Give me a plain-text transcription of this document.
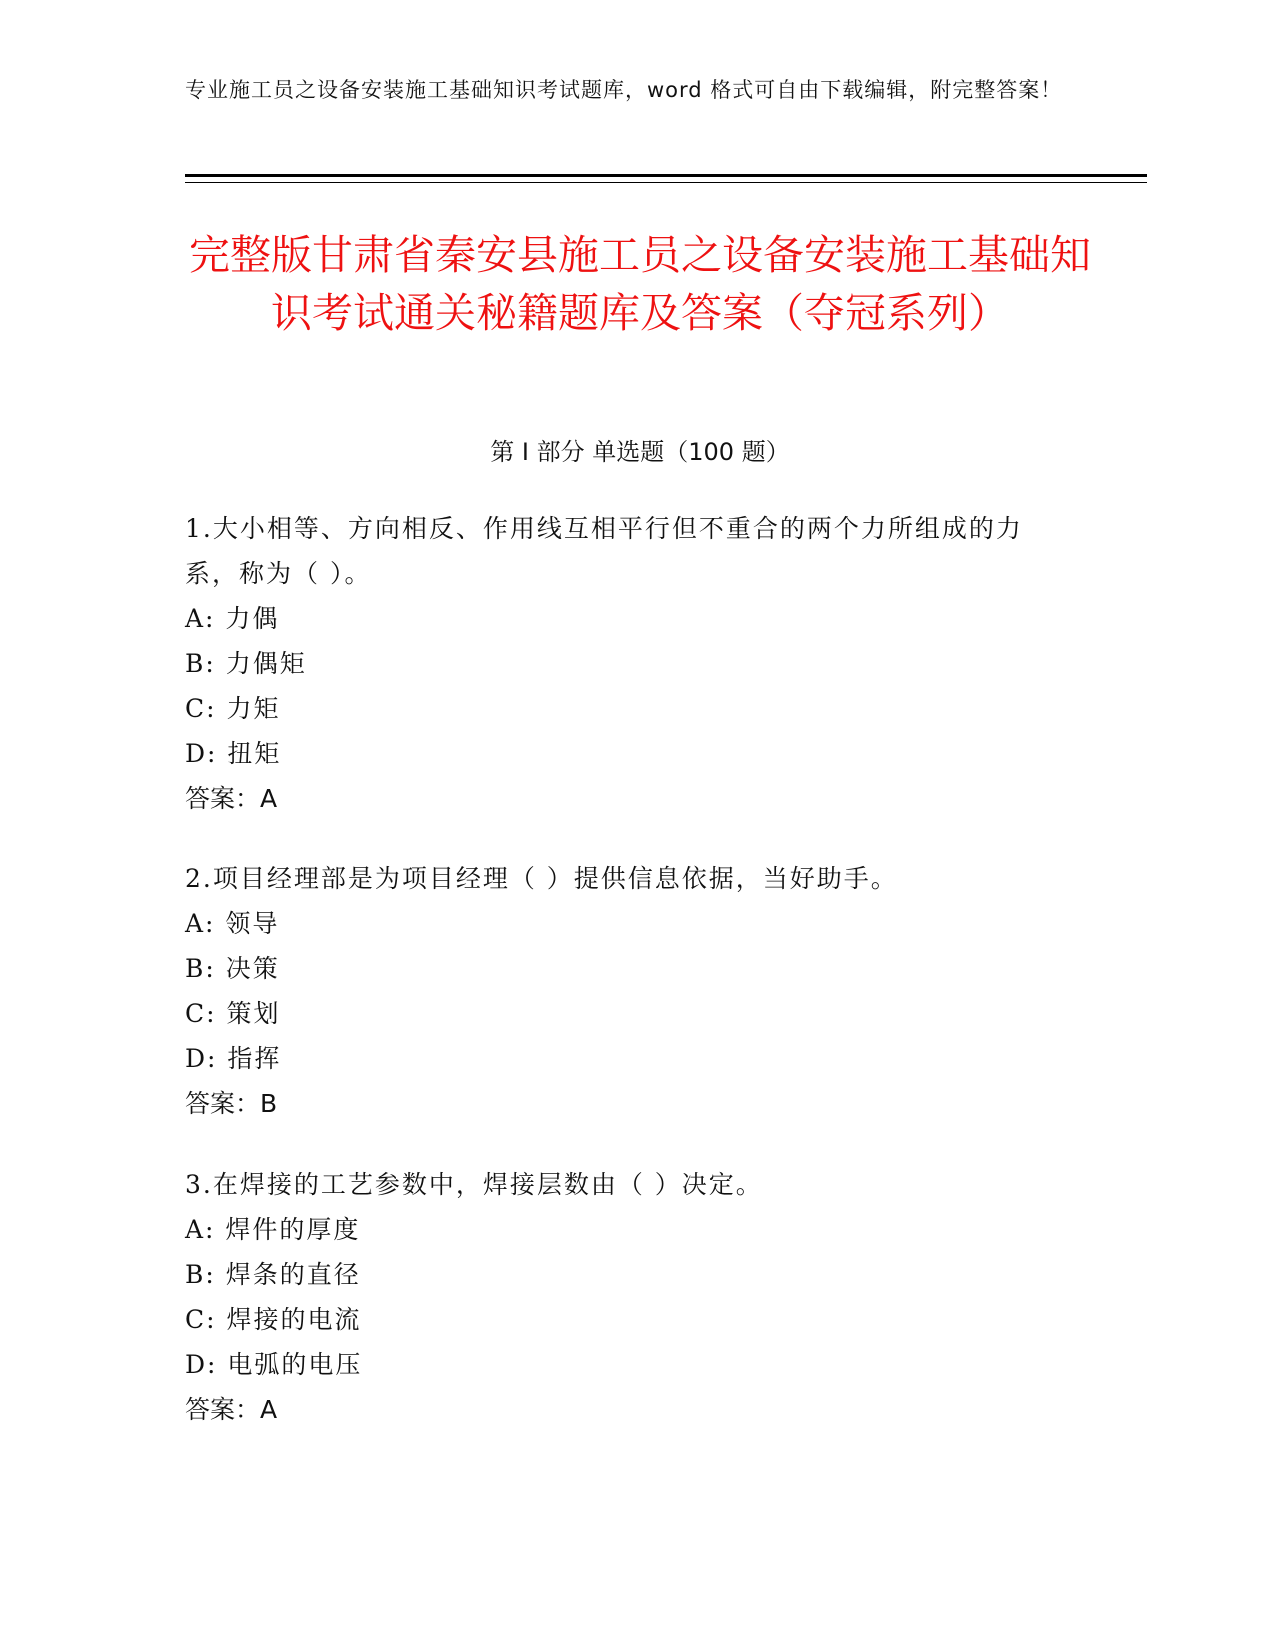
专业施工员之设备安装施工基础知识考试题库，word 格式可自由下载编辑，附完整答案！
完整版甘肃省秦安县施工员之设备安装施工基础知识考试通关秘籍题库及答案（夺冠系列）
第 I 部分 单选题（100 题）

1.大小相等、方向相反、作用线互相平行但不重合的两个力所组成的力系，称为（ ）。

A: 力偶
B: 力偶矩
C: 力矩
D: 扭矩

答案：A

2.项目经理部是为项目经理（ ）提供信息依据，当好助手。

A: 领导
B: 决策
C: 策划
D: 指挥

答案：B

3.在焊接的工艺参数中，焊接层数由（ ）决定。

A: 焊件的厚度
B: 焊条的直径
C: 焊接的电流
D: 电弧的电压

答案：A
